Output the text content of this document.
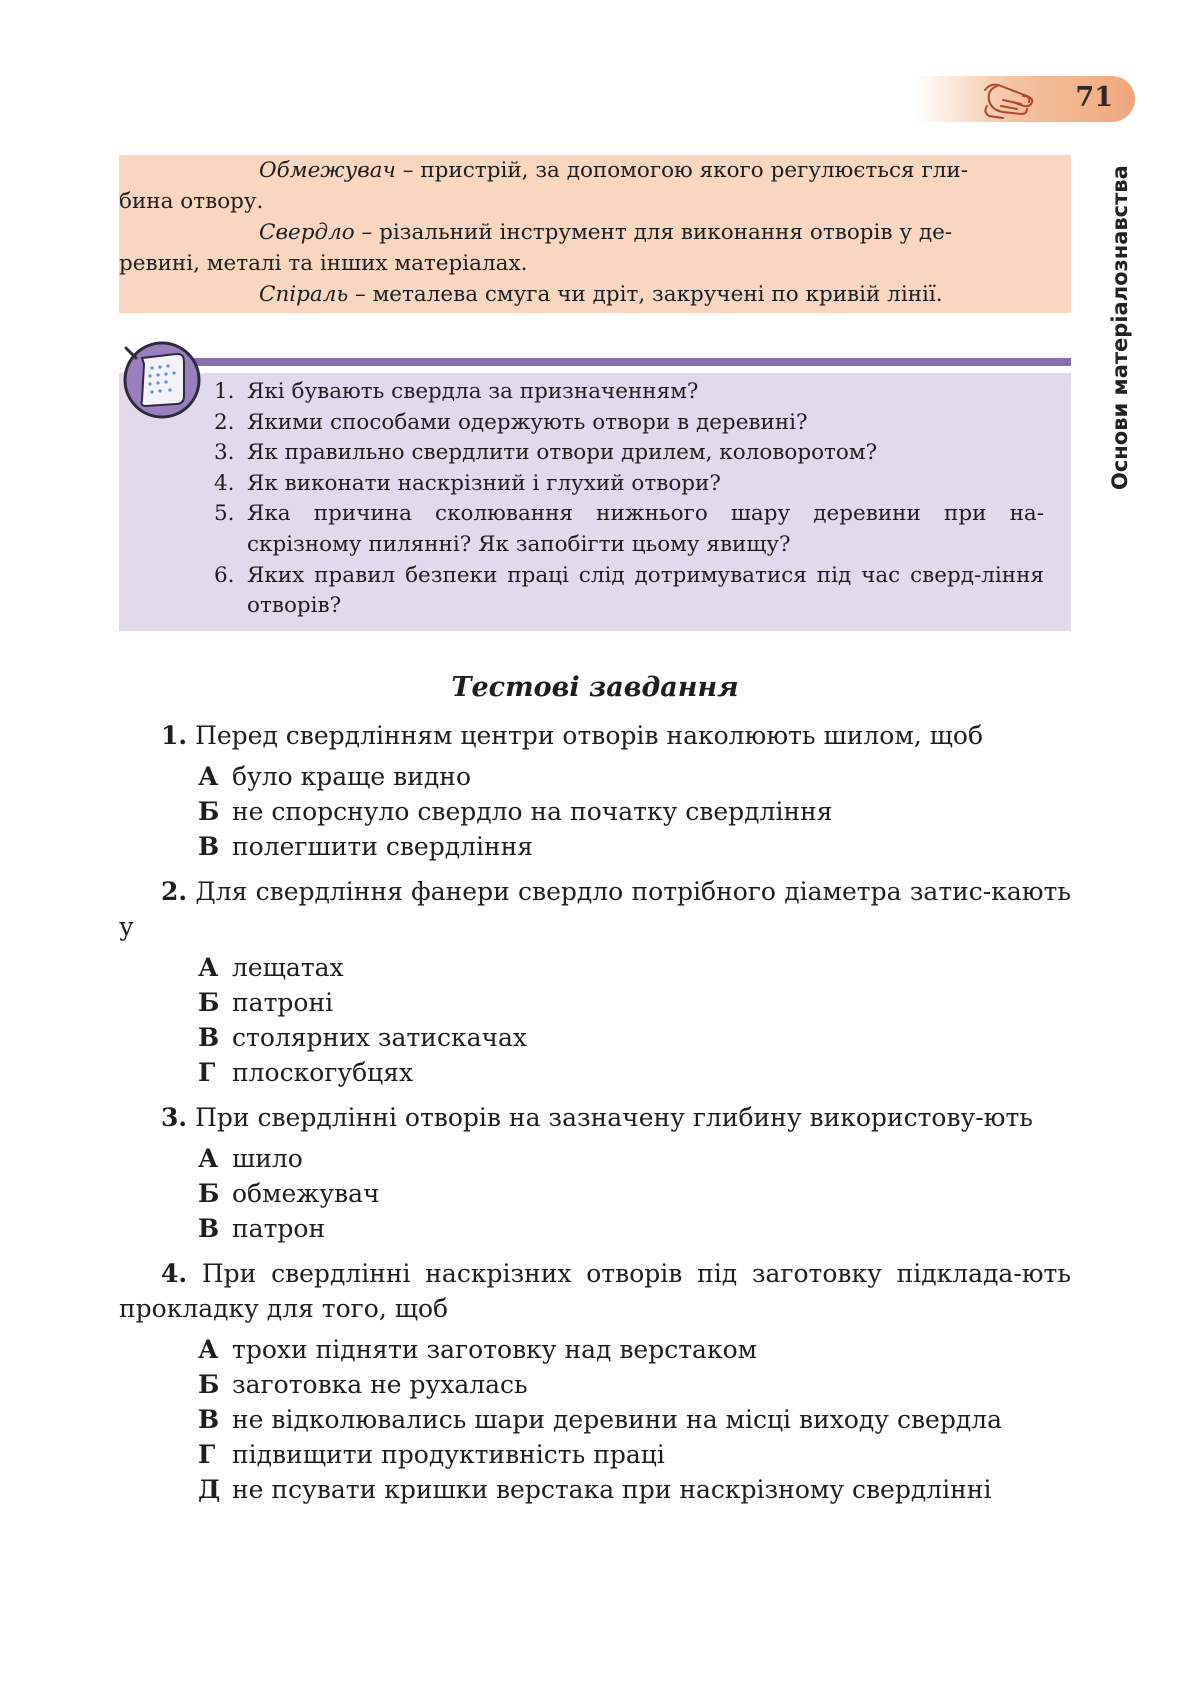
71
Основи матеріалознавства

Обмежувач – пристрій, за допомогою якого регулюється гли-

бина отвору.

Свердло – різальний інструмент для виконання отворів у де-

ревині, металі та інших матеріалах.

Спіраль – металева смуга чи дріт, закручені по кривій лінії.

1. Які бувають свердла за призначенням?
2. Якими способами одержують отвори в деревині?
3. Як правильно свердлити отвори дрилем, коловоротом?
4. Як виконати наскрізний і глухий отвори?
5. Яка причина сколювання нижнього шару деревини при на-скрізному пилянні? Як запобігти цьому явищу?
6. Яких правил безпеки праці слід дотримуватися під час сверд-ління отворів?
Тестові завдання

1. Перед свердлінням центри отворів наколюють шилом, щоб

А було краще видно
Б не спорснуло свердло на початку свердління
В полегшити свердління

2. Для свердління фанери свердло потрібного діаметра затис-кають у

А лещатах
Б патроні
В столярних затискачах
Г плоскогубцях

3. При свердлінні отворів на зазначену глибину використову-ють

А шило
Б обмежувач
В патрон

4. При свердлінні наскрізних отворів під заготовку підклада-ють прокладку для того, щоб

А трохи підняти заготовку над верстаком
Б заготовка не рухалась
В не відколювались шари деревини на місці виходу свердла
Г підвищити продуктивність праці
Д не псувати кришки верстака при наскрізному свердлінні
